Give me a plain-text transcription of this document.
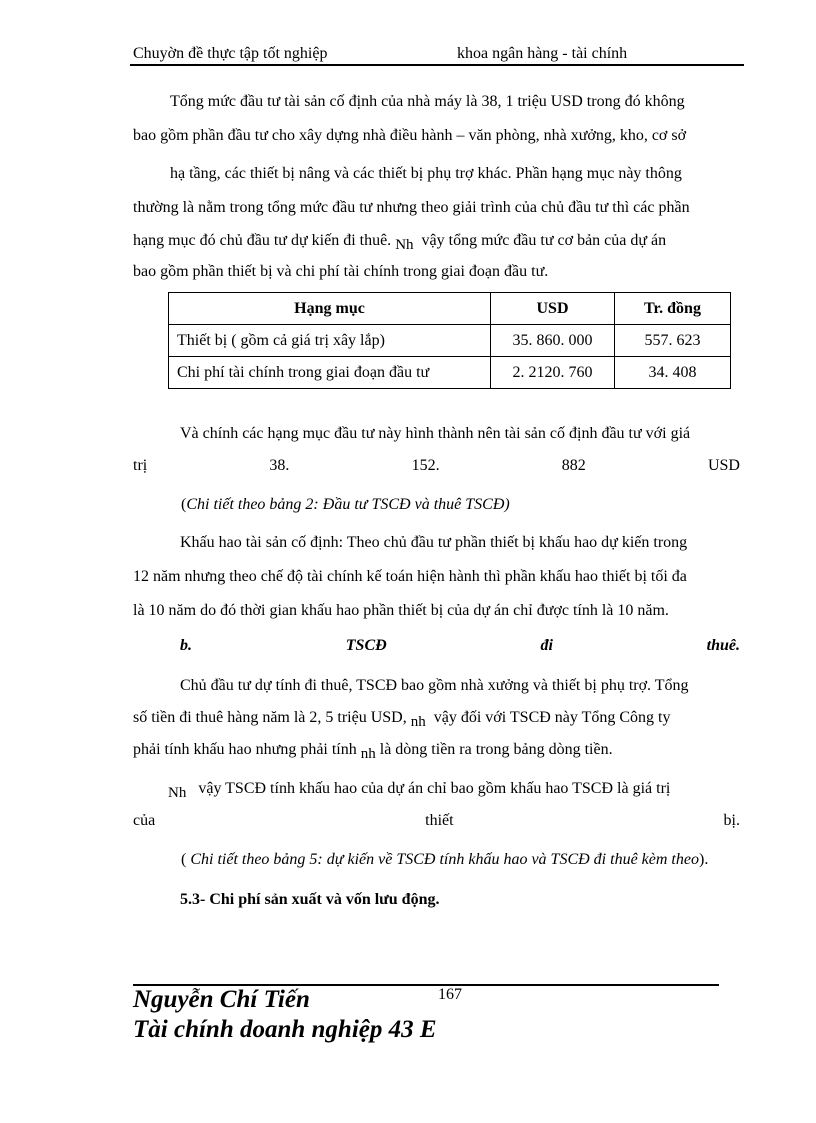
Chuyờn đề thực tập tốt nghiệp	khoa ngân hàng - tài chính
Tổng mức đầu tư tài sản cố định của nhà máy là 38, 1 triệu USD trong đó không
bao gồm phần đầu tư cho xây dựng nhà điều hành – văn phòng, nhà xưởng, kho, cơ sở
hạ tầng, các thiết bị nâng và các thiết bị phụ trợ khác. Phần hạng mục này thông
thường là nằm trong tổng mức đầu tư nhưng theo giải trình của chủ đầu tư thì các phần
hạng mục đó chủ đầu tư dự kiến đi thuê. Nh vậy tổng mức đầu tư cơ bản của dự án
bao gồm phần thiết bị và chi phí tài chính trong giai đoạn đầu tư.
Hạng mục	USD	Tr. đồng
Thiết bị ( gồm cả giá trị xây lắp)	35. 860. 000	557. 623
Chi phí tài chính trong giai đoạn đầu tư	2. 2120. 760	34. 408
Và chính các hạng mục đầu tư này hình thành nên tài sản cố định đầu tư với giá
trị	38.	152.	882	USD
(Chi tiết theo bảng 2: Đầu tư TSCĐ và thuê TSCĐ)
Khấu hao tài sản cố định: Theo chủ đầu tư phần thiết bị khấu hao dự kiến trong
12 năm nhưng theo chế độ tài chính kế toán hiện hành thì phần khấu hao thiết bị tối đa
là 10 năm do đó thời gian khấu hao phần thiết bị của dự án chỉ được tính là 10 năm.
b.	TSCĐ	đi	thuê.
Chủ đầu tư dự tính đi thuê, TSCĐ bao gồm nhà xưởng và thiết bị phụ trợ. Tổng
số tiền đi thuê hàng năm là 2, 5 triệu USD, nh vậy đối với TSCĐ này Tổng Công ty
phải tính khấu hao nhưng phải tính nh là dòng tiền ra trong bảng dòng tiền.
Nh vậy TSCĐ tính khấu hao của dự án chỉ bao gồm khấu hao TSCĐ là giá trị
của	thiết	bị.
( Chi tiết theo bảng 5: dự kiến về TSCĐ tính khấu hao và TSCĐ đi thuê kèm theo).
5.3- Chi phí sản xuất và vốn lưu động.
167
Nguyễn Chí Tiến
Tài chính doanh nghiệp 43 E
